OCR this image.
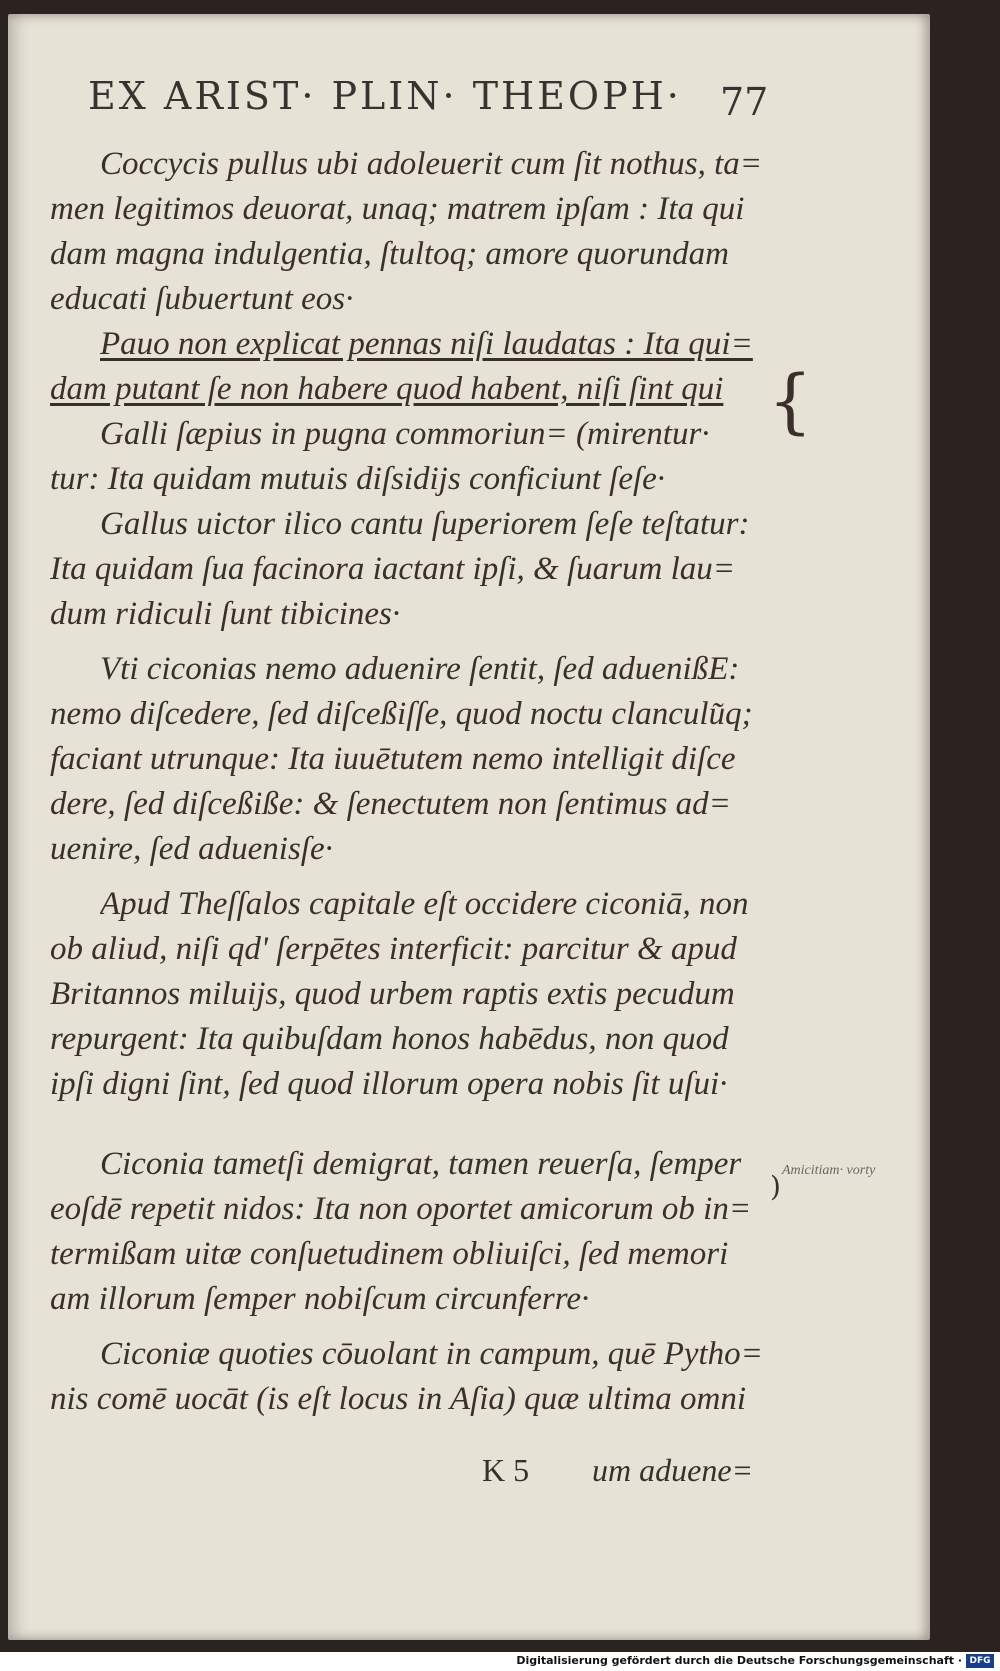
EX ARIST· PLIN· THEOPH·	77
Coccycis pullus ubi adoleuerit cum ſit nothus, ta=
men legitimos deuorat, unaq; matrem ipſam : Ita qui
dam magna indulgentia, ſtultoq; amore quorundam
educati ſubuertunt eos·
Pauo non explicat pennas niſi laudatas : Ita qui=
dam putant ſe non habere quod habent, niſi ſint qui
Galli ſæpius in pugna commoriun= (mirentur·
tur: Ita quidam mutuis diſsidijs conficiunt ſeſe·
Gallus uictor ilico cantu ſuperiorem ſeſe teſtatur:
Ita quidam ſua facinora iactant ipſi, & ſuarum lau=
dum ridiculi ſunt tibicines·
Vti ciconias nemo aduenire ſentit, ſed aduenißE:
nemo diſcedere, ſed diſceßiſſe, quod noctu clanculu͂q;
faciant utrunque: Ita iuuētutem nemo intelligit diſce
dere, ſed diſceßiße: & ſenectutem non ſentimus ad=
uenire, ſed aduenisſe·
Apud Theſſalos capitale eſt occidere ciconiā, non
ob aliud, niſi qd' ſerpētes interficit: parcitur & apud
Britannos miluijs, quod urbem raptis extis pecudum
repurgent: Ita quibuſdam honos habēdus, non quod
ipſi digni ſint, ſed quod illorum opera nobis ſit uſui·
Ciconia tametſi demigrat, tamen reuerſa, ſemper
eoſdē repetit nidos: Ita non oportet amicorum ob in=
termißam uitæ conſuetudinem obliuiſci, ſed memori
am illorum ſemper nobiſcum circunferre·
Ciconiæ quoties cōuolant in campum, quē Pytho=
nis comē uocāt (is eſt locus in Aſia) quæ ultima omni
{
) Amicitiam· vorty
K 5 um aduene=
Digitalisierung gefördert durch die Deutsche Forschungsgemeinschaft · DFG
